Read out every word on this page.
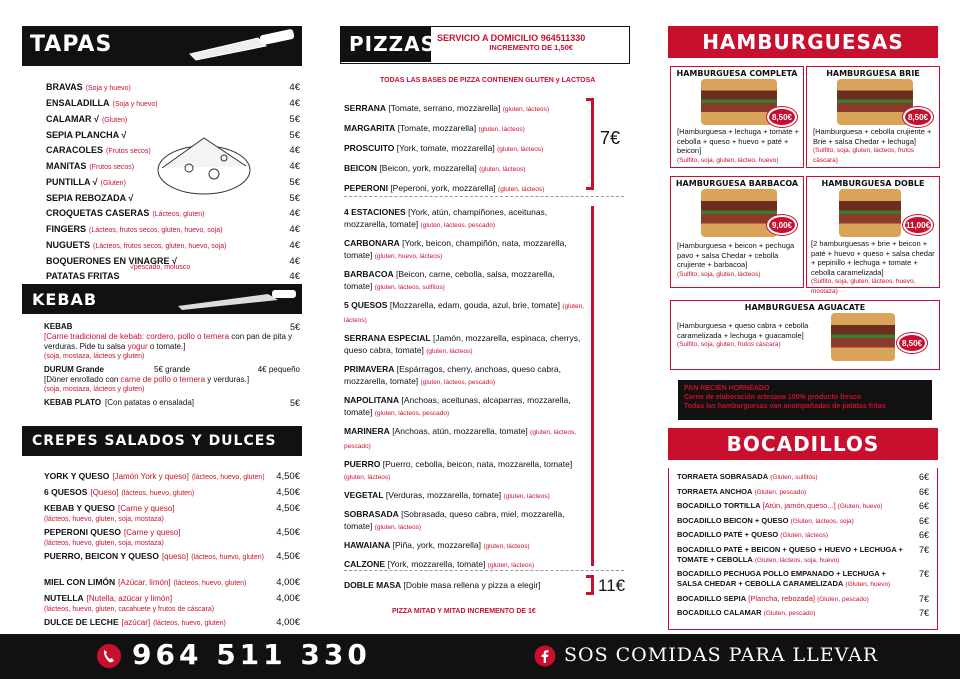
TAPAS
BRAVAS (Soja y huevo)	4€
ENSALADILLA (Soja y huevo)	4€
CALAMAR √ (Gluten)	5€
SEPIA PLANCHA √	5€
CARACOLES (Frutos secos)	4€
MANITAS (Frutos secos)	4€
PUNTILLA √ (Gluten)	5€
SEPIA REBOZADA √	5€
CROQUETAS CASERAS (Lácteos, gluten)	4€
FINGERS (Lácteos, frutos secos, gluten, huevo, soja)	4€
NUGUETS (Lácteos, frutos secos, gluten, huevo, soja)	4€
BOQUERONES EN VINAGRE √	4€
PATATAS FRITAS	4€
√pescado, molusco
KEBAB
KEBAB	5€
[Carne tradicional de kebab: cordero, pollo o ternera con pan de pita y verduras. Pide tu salsa yogur o tomate.]
(soja, mostaza, lácteos y gluten)
DURUM Grande	5€ grande	4€ pequeño
[Döner enrollado con carne de pollo o ternera y verduras.]
(soja, mostaza, lácteos y gluten)
KEBAB PLATO [Con patatas o ensalada]	5€
CREPES SALADOS Y DULCES
YORK Y QUESO [Jamón York y queso] (lácteos, huevo, gluten) 4,50€
6 QUESOS [Queso] (lácteos, huevo, gluten)	4,50€
KEBAB Y QUESO [Carne y queso]	4,50€
(lácteos, huevo, gluten, soja, mostaza)
PEPERONI QUESO [Carne y queso]	4,50€
(lácteos, huevo, gluten, soja, mostaza)
PUERRO, BEICON Y QUESO [queso] (lácteos, huevo, gluten) 4,50€
MIEL CON LIMÓN [Azúcar, limón] (lácteos, huevo, gluten)	4,00€
NUTELLA [Nutella, azúcar y limón]	4,00€
(lácteos, huevo, gluten, cacahuete y frutos de cáscara)
DULCE DE LECHE [azúcar] (lácteos, huevo, gluten)	4,00€
PIZZAS SERVICIO A DOMICILIO 964511330
INCREMENTO DE 1,50€
TODAS LAS BASES DE PIZZA CONTIENEN GLUTEN y LACTOSA
SERRANA [Tomate, serrano, mozzarella] (gluten, lácteos)
MARGARITA [Tomate, mozzarella] (gluten, lácteos)
PROSCUITO [York, tomate, mozzarella] (gluten, lácteos)
BEICON [Beicon, york, mozzarella] (gluten, lácteos)
PEPERONI [Peperoni, york, mozzarella] (gluten, lácteos)
7€
4 ESTACIONES [York, atún, champiñones, aceitunas, mozzarella, tomate] (gluten, lácteos, pescado)
CARBONARA [York, beicon, champiñón, nata, mozzarella, tomate] (gluten, huevo, lácteos)
BARBACOA [Beicon, carne, cebolla, salsa, mozzarella, tomate] (gluten, lácteos, sulfitos)
5 QUESOS [Mozzarella, edam, gouda, azul, brie, tomate] (gluten, lácteos)
SERRANA ESPECIAL [Jamón, mozzarella, espinaca, cherrys, queso cabra, tomate] (gluten, lácteos)
PRIMAVERA [Espárragos, cherry, anchoas, queso cabra, mozzarella, tomate] (gluten, lácteos, pescado)
NAPOLITANA [Anchoas, aceitunas, alcaparras, mozzarella, tomate] (gluten, lácteos, pescado)
MARINERA [Anchoas, atún, mozzarella, tomate] (gluten, lácteos, pescado)
PUERRO [Puerro, cebolla, beicon, nata, mozzarella, tomate] (gluten, lácteos)
VEGETAL [Verduras, mozzarella, tomate] (gluten, lácteos)
SOBRASADA [Sobrasada, queso cabra, miel, mozzarella, tomate] (gluten, lácteos)
HAWAIANA [Piña, york, mozzarella] (gluten, lácteos)
CALZONE [York, mozzarella, tomate] (gluten, lácteos)
DOBLE MASA [Doble masa rellena y pizza a elegir]	11€
PIZZA MITAD Y MITAD INCREMENTO DE 1€
HAMBURGUESAS
HAMBURGUESA COMPLETA
8,50€
[Hamburguesa + lechuga + tomate + cebolla + queso + huevo + paté + beicon]
(Sulfito, soja, gluten, lácteo, huevo)
HAMBURGUESA BRIE
8,50€
[Hamburguesa + cebolla crujiente + Brie + salsa Chedar + lechuga]
(Sulfito, soja, gluten, lácteos, frutos cáscara)
HAMBURGUESA BARBACOA
9,00€
[Hamburguesa + beicon + pechuga pavo + salsa Chedar + cebolla crujiente + barbacoa]
(Sulfito, soja, gluten, lácteos)
HAMBURGUESA DOBLE
11,00€
[2 hamburguesas + brie + beicon + paté + huevo + queso + salsa chedar + pepinillo + lechuga + tomate + cebolla caramelizada]
(Sulfito, soja, gluten, lácteos, huevo, mostaza)
HAMBURGUESA AGUACATE
8,50€
[Hamburguesa + queso cabra + cebolla caramelizada + lechuga + guacamole]
(Sulfito, soja, gluten, frutos cáscara)
PAN RECIÉN HORNEADO
Carne de elaboración artesana 100% producto fresco
Todas las hamburguesas van acompañadas de patatas fritas
BOCADILLOS
TORRAETA SOBRASADA (Gluten, sulfitos)	6€
TORRAETA ANCHOA (Gluten, pescado)	6€
BOCADILLO TORTILLA [Atún, jamón,queso...] (Gluten, huevo)	6€
BOCADILLO BEICON + QUESO (Gluten, lácteos, soja)	6€
BOCADILLO PATÉ + QUESO (Gluten, lácteos)	6€
BOCADILLO PATÉ + BEICON + QUESO + HUEVO + LECHUGA + TOMATE + CEBOLLA (Gluten, lácteos, soja, huevo)
7€
BOCADILLO PECHUGA POLLO EMPANADO + LECHUGA + SALSA CHEDAR + CEBOLLA CARAMELIZADA (Gluten, huevo)
7€
BOCADILLO SEPIA [Plancha, rebozada] (Gluten, pescado)	7€
BOCADILLO CALAMAR (Gluten, pescado)	7€
964 511 330	SOS COMIDAS PARA LLEVAR
